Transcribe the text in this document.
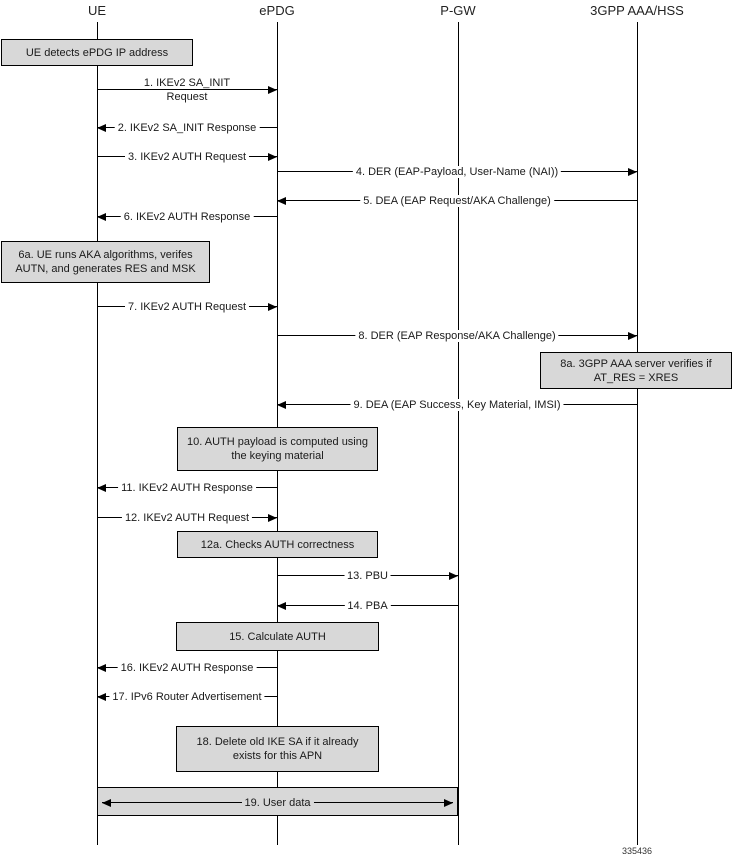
UE	ePDG	P-GW	3GPP AAA/HSS
UE detects ePDG IP address
6a. UE runs AKA algorithms, verifes AUTN, and generates RES and MSK
8a. 3GPP AAA server verifies if AT_RES = XRES
10. AUTH payload is computed using the keying material
12a. Checks AUTH correctness
15. Calculate AUTH
18. Delete old IKE SA if it already exists for this APN
1. IKEv2 SA_INIT
Request
2. IKEv2 SA_INIT Response
3. IKEv2 AUTH Request
4. DER (EAP-Payload, User-Name (NAI))
5. DEA (EAP Request/AKA Challenge)
6. IKEv2 AUTH Response
7. IKEv2 AUTH Request
8. DER (EAP Response/AKA Challenge)
9. DEA (EAP Success, Key Material, IMSI)
11. IKEv2 AUTH Response
12. IKEv2 AUTH Request
13. PBU
14. PBA
16. IKEv2 AUTH Response
17. IPv6 Router Advertisement
19. User data
335436
